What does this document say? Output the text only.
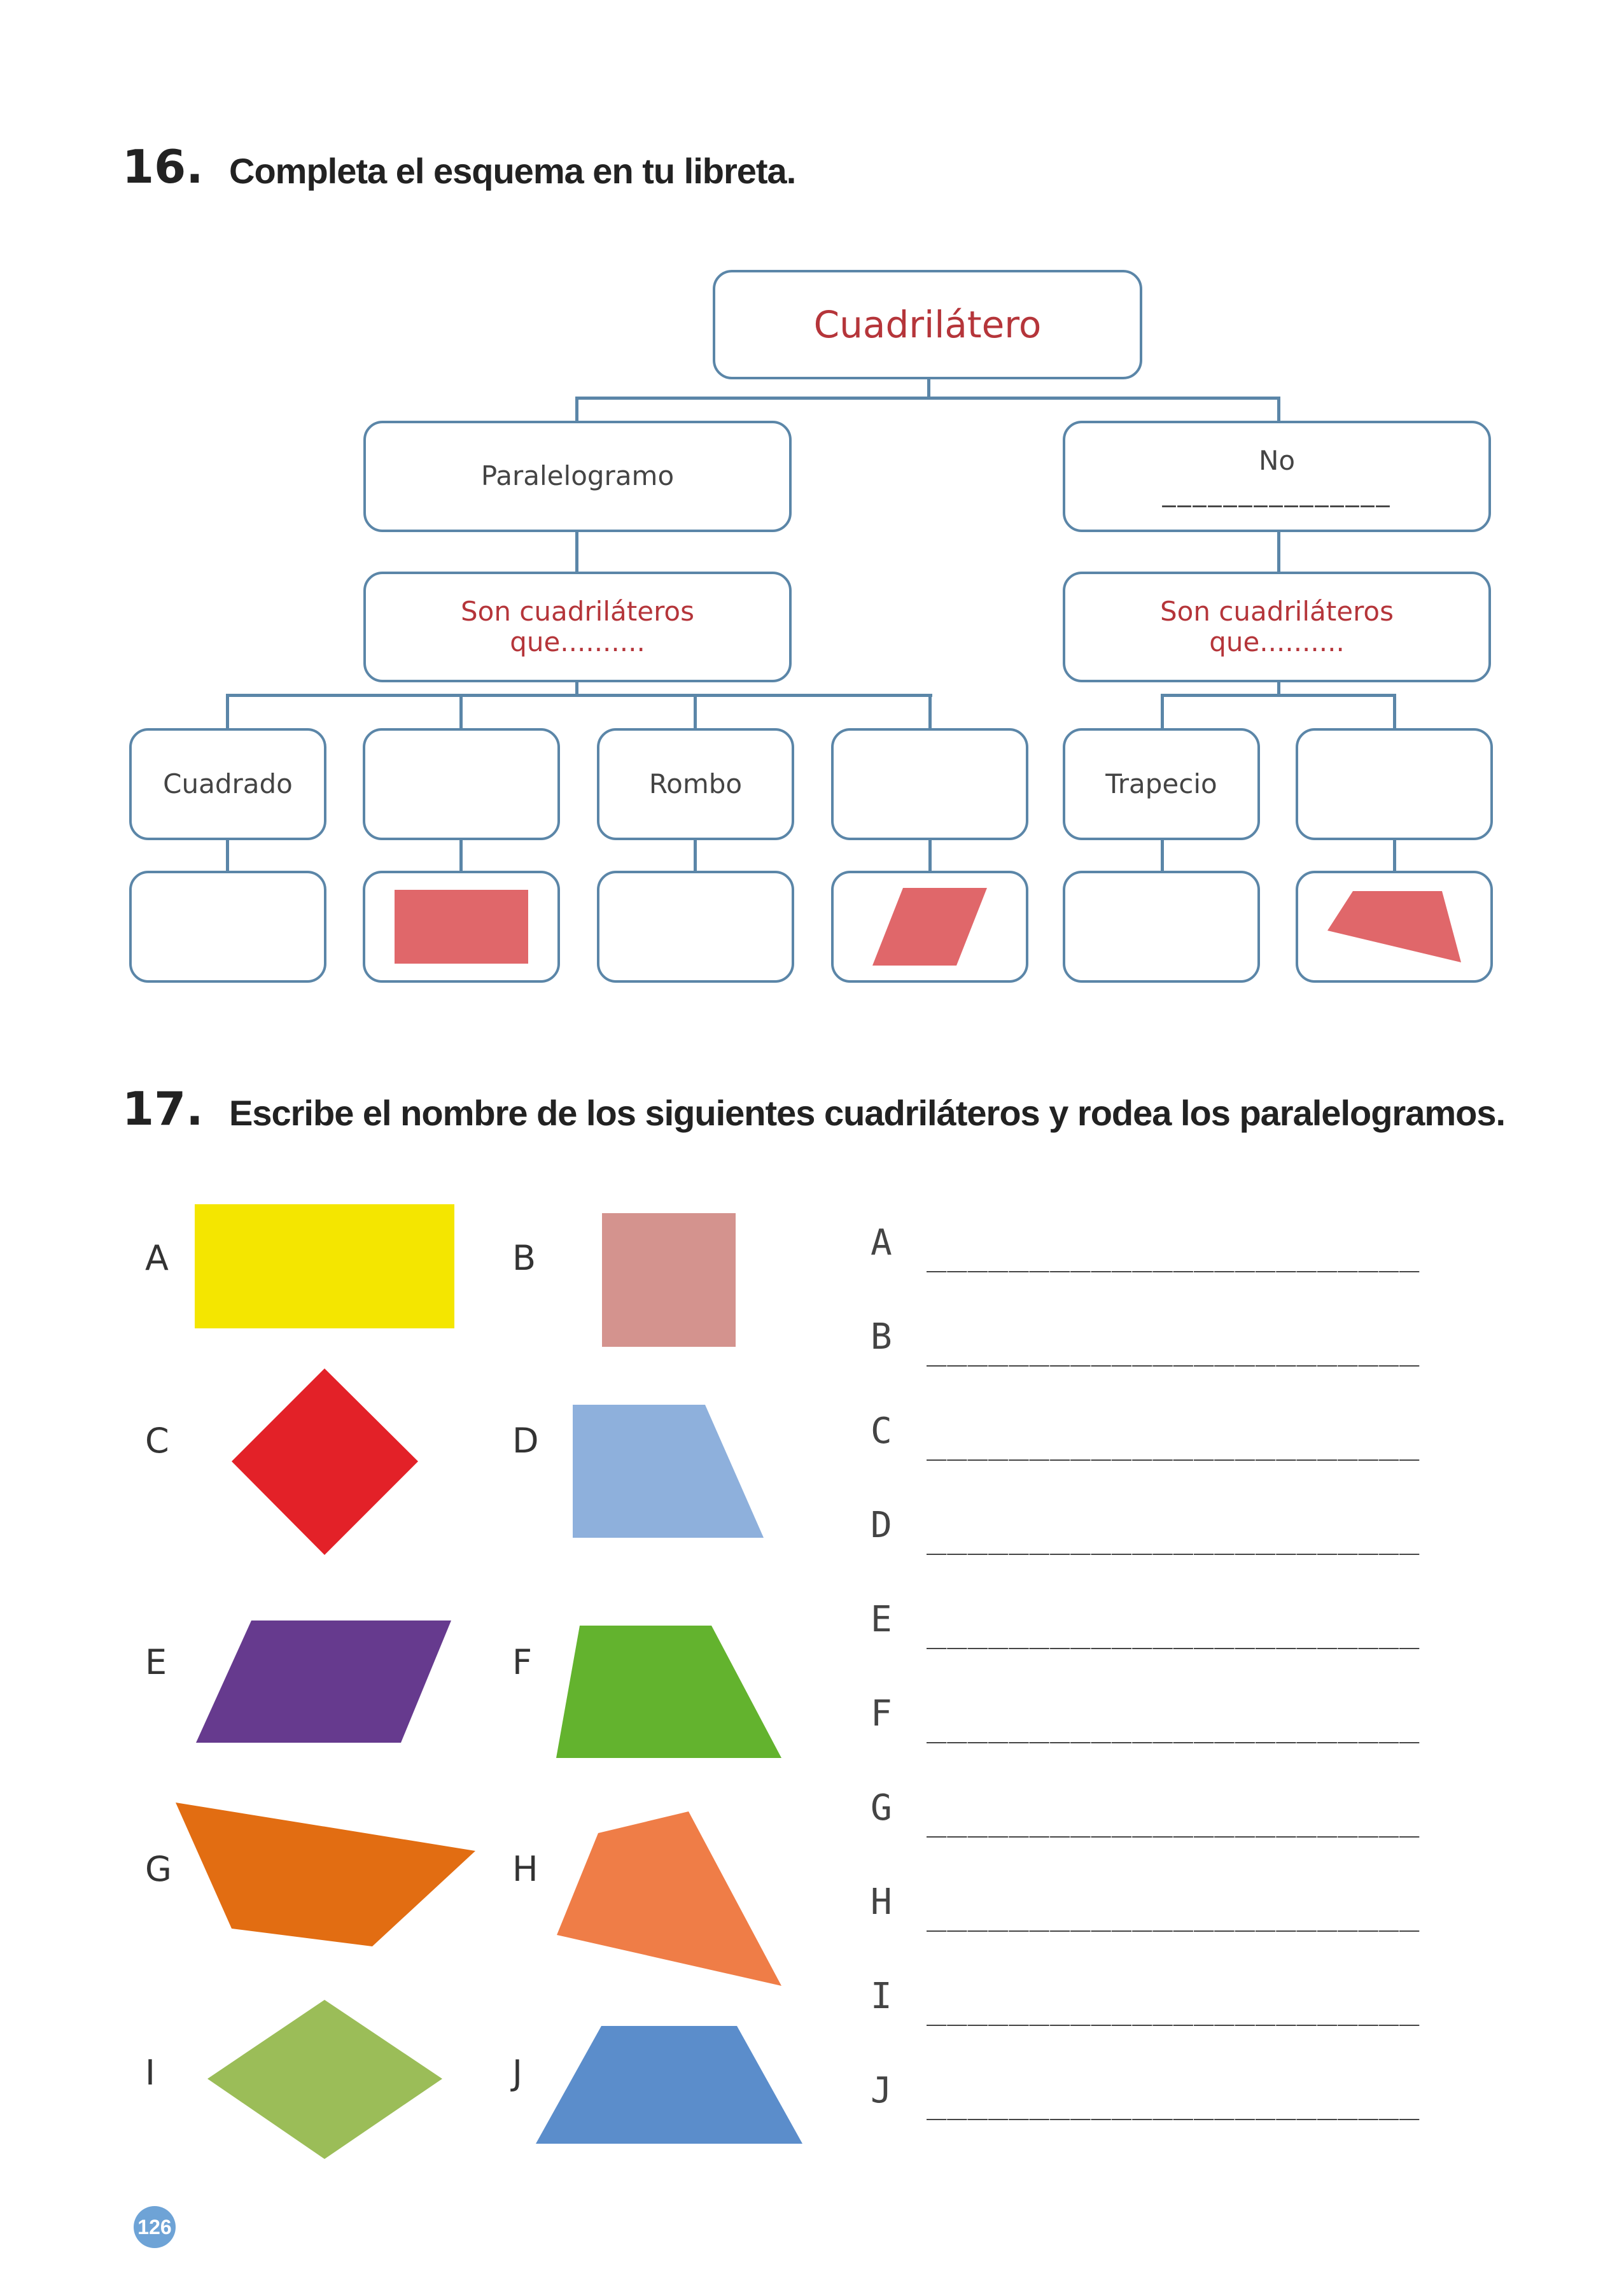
16. Completa el esquema en tu libreta.
Cuadrilátero
Paralelogramo	No
_______________
Son cuadriláteros
que..........
Son cuadriláteros
que..........
Cuadrado	Rombo	Trapecio
17. Escribe el nombre de los siguientes cuadriláteros y rodea los paralelogramos.
A	B
C	D
E	F
G	H
I	J
A ________________________
B ________________________
C ________________________
D ________________________
E ________________________
F ________________________
G ________________________
H ________________________
I ________________________
J ________________________
126
